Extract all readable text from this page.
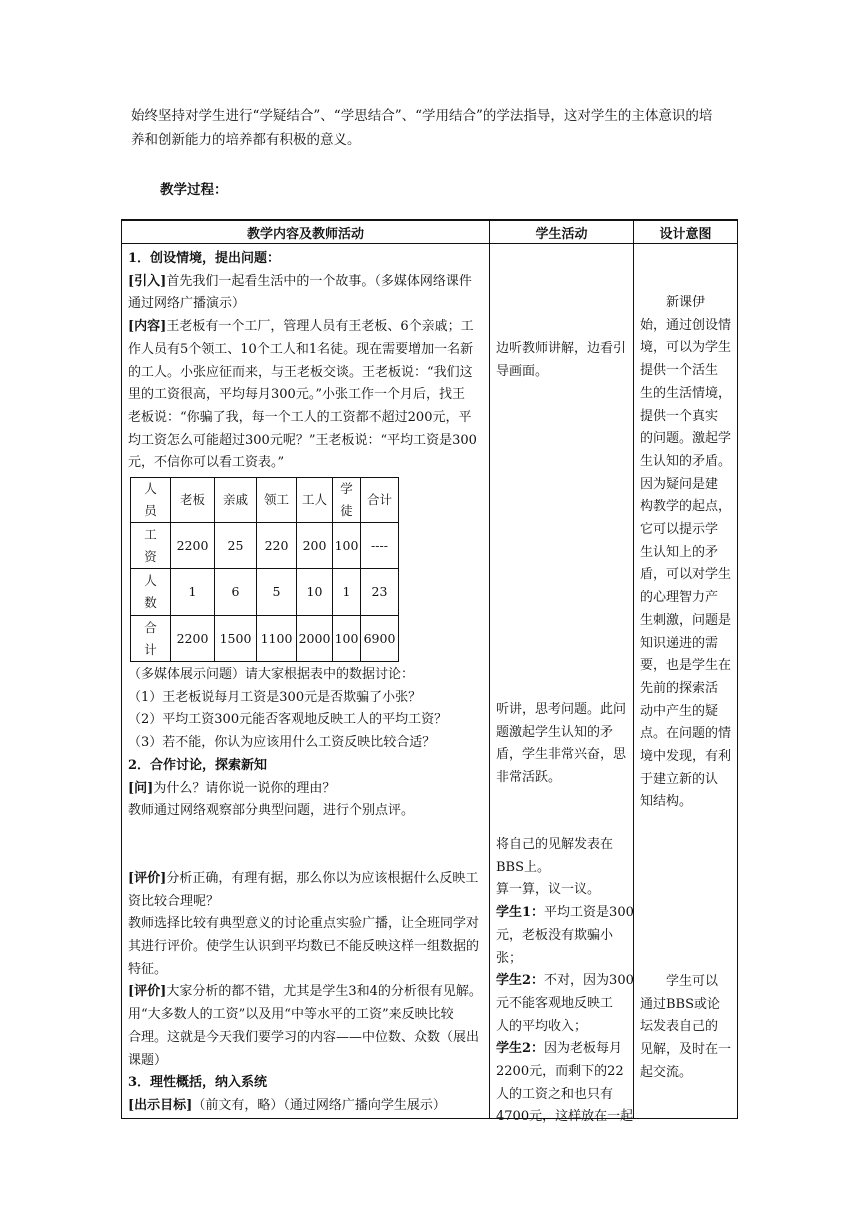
始终坚持对学生进行“学疑结合”、“学思结合”、“学用结合”的学法指导，这对学生的主体意识的培
养和创新能力的培养都有积极的意义。
教学过程：
教学内容及教师活动	学生活动	设计意图

1．创设情境，提出问题：
[引入]首先我们一起看生活中的一个故事。（多媒体网络课件
通过网络广播演示）
[内容]王老板有一个工厂，管理人员有王老板、6个亲戚；工
作人员有5个领工、10个工人和1名徒。现在需要增加一名新
的工人。小张应征而来，与王老板交谈。王老板说：“我们这
里的工资很高，平均每月300元。”小张工作一个月后，找王
老板说：“你骗了我，每一个工人的工资都不超过200元，平
均工资怎么可能超过300元呢？”王老板说：“平均工资是300
元，不信你可以看工资表。”
人员	老板	亲戚	领工	工人	学徒	合计
工资	2200	25	220	200	100	----
人数	1	6	5	10	1	23
合计	2200	1500	1100	2000	100	6900
（多媒体展示问题）请大家根据表中的数据讨论：
（1）王老板说每月工资是300元是否欺骗了小张？
（2）平均工资300元能否客观地反映工人的平均工资？
（3）若不能，你认为应该用什么工资反映比较合适？
2．合作讨论，探索新知
[问]为什么？请你说一说你的理由？
教师通过网络观察部分典型问题，进行个别点评。
[评价]分析正确，有理有据，那么你以为应该根据什么反映工
资比较合理呢？
教师选择比较有典型意义的讨论重点实验广播，让全班同学对
其进行评价。使学生认识到平均数已不能反映这样一组数据的
特征。
[评价]大家分析的都不错，尤其是学生3和4的分析很有见解。
用“大多数人的工资”以及用“中等水平的工资”来反映比较
合理。这就是今天我们要学习的内容——中位数、众数（展出
课题）
3．理性概括，纳入系统
[出示目标]（前文有，略）（通过网络广播向学生展示）

边听教师讲解，边看引
导画面。
听讲，思考问题。此问
题激起学生认知的矛
盾，学生非常兴奋，思
非常活跃。
将自己的见解发表在
BBS上。
算一算，议一议。
学生1：平均工资是300
元，老板没有欺骗小
张；
学生2：不对，因为300
元不能客观地反映工
人的平均收入；
学生2：因为老板每月
2200元，而剩下的22
人的工资之和也只有
4700元，这样放在一起

新课伊
始，通过创设情
境，可以为学生
提供一个活生
生的生活情境，
提供一个真实
的问题。激起学
生认知的矛盾。
因为疑问是建
构教学的起点，
它可以提示学
生认知上的矛
盾，可以对学生
的心理智力产
生刺激，问题是
知识递进的需
要，也是学生在
先前的探索活
动中产生的疑
点。在问题的情
境中发现，有利
于建立新的认
知结构。
学生可以
通过BBS或论
坛发表自己的
见解，及时在一
起交流。
